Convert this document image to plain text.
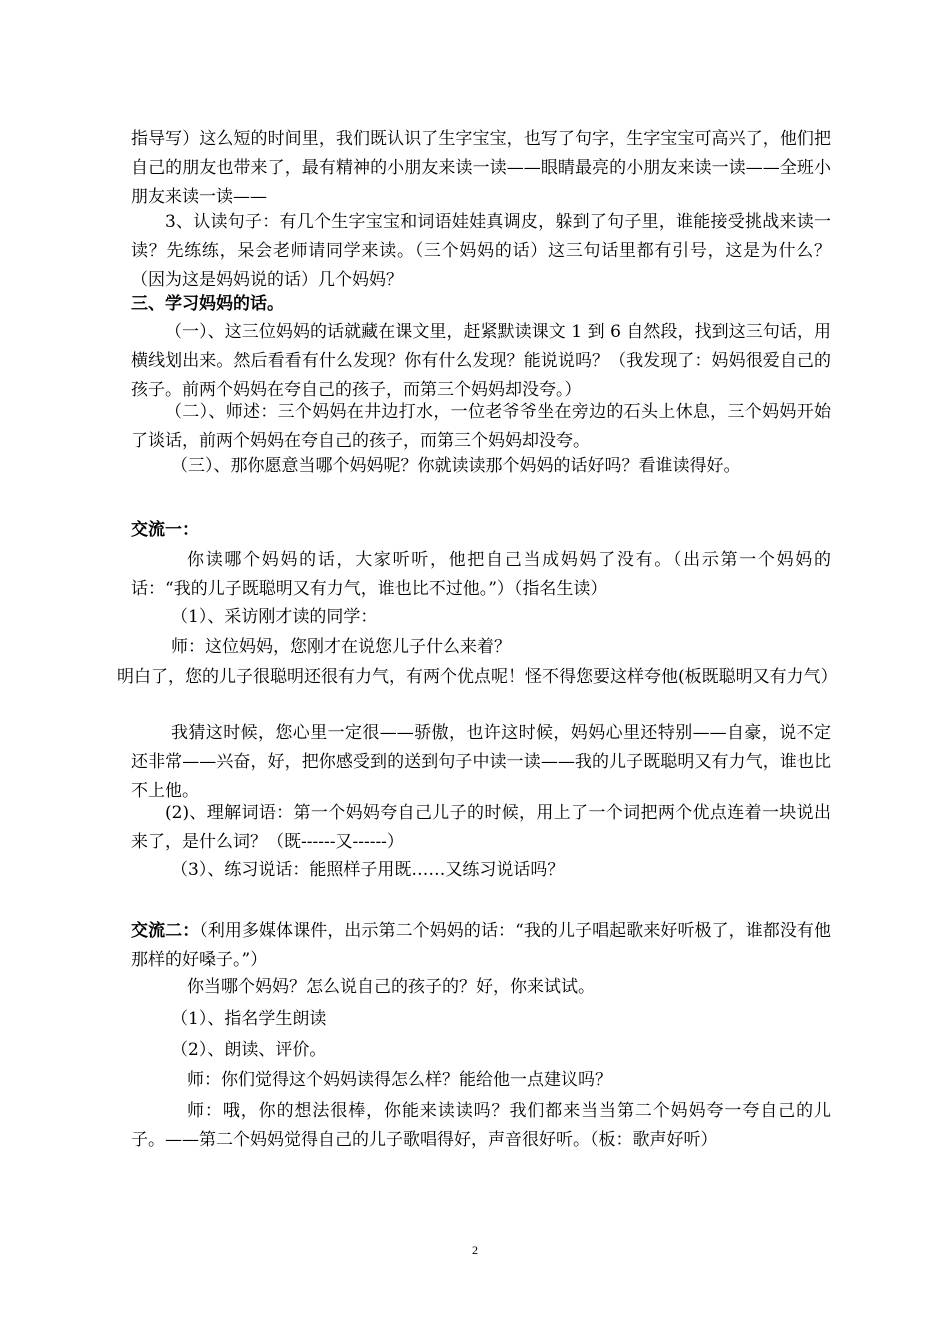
指导写）这么短的时间里，我们既认识了生字宝宝，也写了句字，生字宝宝可高兴了，他们把自己的朋友也带来了，最有精神的小朋友来读一读——眼睛最亮的小朋友来读一读——全班小朋友来读一读——

3、认读句子：有几个生字宝宝和词语娃娃真调皮，躲到了句子里，谁能接受挑战来读一读？先练练，呆会老师请同学来读。（三个妈妈的话）这三句话里都有引号，这是为什么？（因为这是妈妈说的话）几个妈妈？

三、学习妈妈的话。

（一）、这三位妈妈的话就藏在课文里，赶紧默读课文 1 到 6 自然段，找到这三句话，用横线划出来。然后看看有什么发现？你有什么发现？能说说吗？（我发现了：妈妈很爱自己的孩子。前两个妈妈在夸自己的孩子，而第三个妈妈却没夸。）

（二）、师述：三个妈妈在井边打水，一位老爷爷坐在旁边的石头上休息，三个妈妈开始了谈话，前两个妈妈在夸自己的孩子，而第三个妈妈却没夸。

（三）、那你愿意当哪个妈妈呢？你就读读那个妈妈的话好吗？看谁读得好。

交流一：

你读哪个妈妈的话，大家听听，他把自己当成妈妈了没有。（出示第一个妈妈的话：“我的儿子既聪明又有力气，谁也比不过他。”）（指名生读）

（1）、采访刚才读的同学：

师：这位妈妈，您刚才在说您儿子什么来着？

明白了，您的儿子很聪明还很有力气，有两个优点呢！怪不得您要这样夸他(板既聪明又有力气）

我猜这时候，您心里一定很——骄傲，也许这时候，妈妈心里还特别——自豪，说不定还非常——兴奋，好，把你感受到的送到句子中读一读——我的儿子既聪明又有力气，谁也比不上他。

(2)、理解词语：第一个妈妈夸自己儿子的时候，用上了一个词把两个优点连着一块说出来了，是什么词？（既------又------）

（3）、练习说话：能照样子用既……又练习说话吗？

交流二：（利用多媒体课件，出示第二个妈妈的话：“我的儿子唱起歌来好听极了，谁都没有他那样的好嗓子。”）

你当哪个妈妈？怎么说自己的孩子的？好，你来试试。

（1）、指名学生朗读

（2）、朗读、评价。

师：你们觉得这个妈妈读得怎么样？能给他一点建议吗？

师：哦，你的想法很棒，你能来读读吗？我们都来当当第二个妈妈夸一夸自己的儿子。——第二个妈妈觉得自己的儿子歌唱得好，声音很好听。（板：歌声好听）

2
